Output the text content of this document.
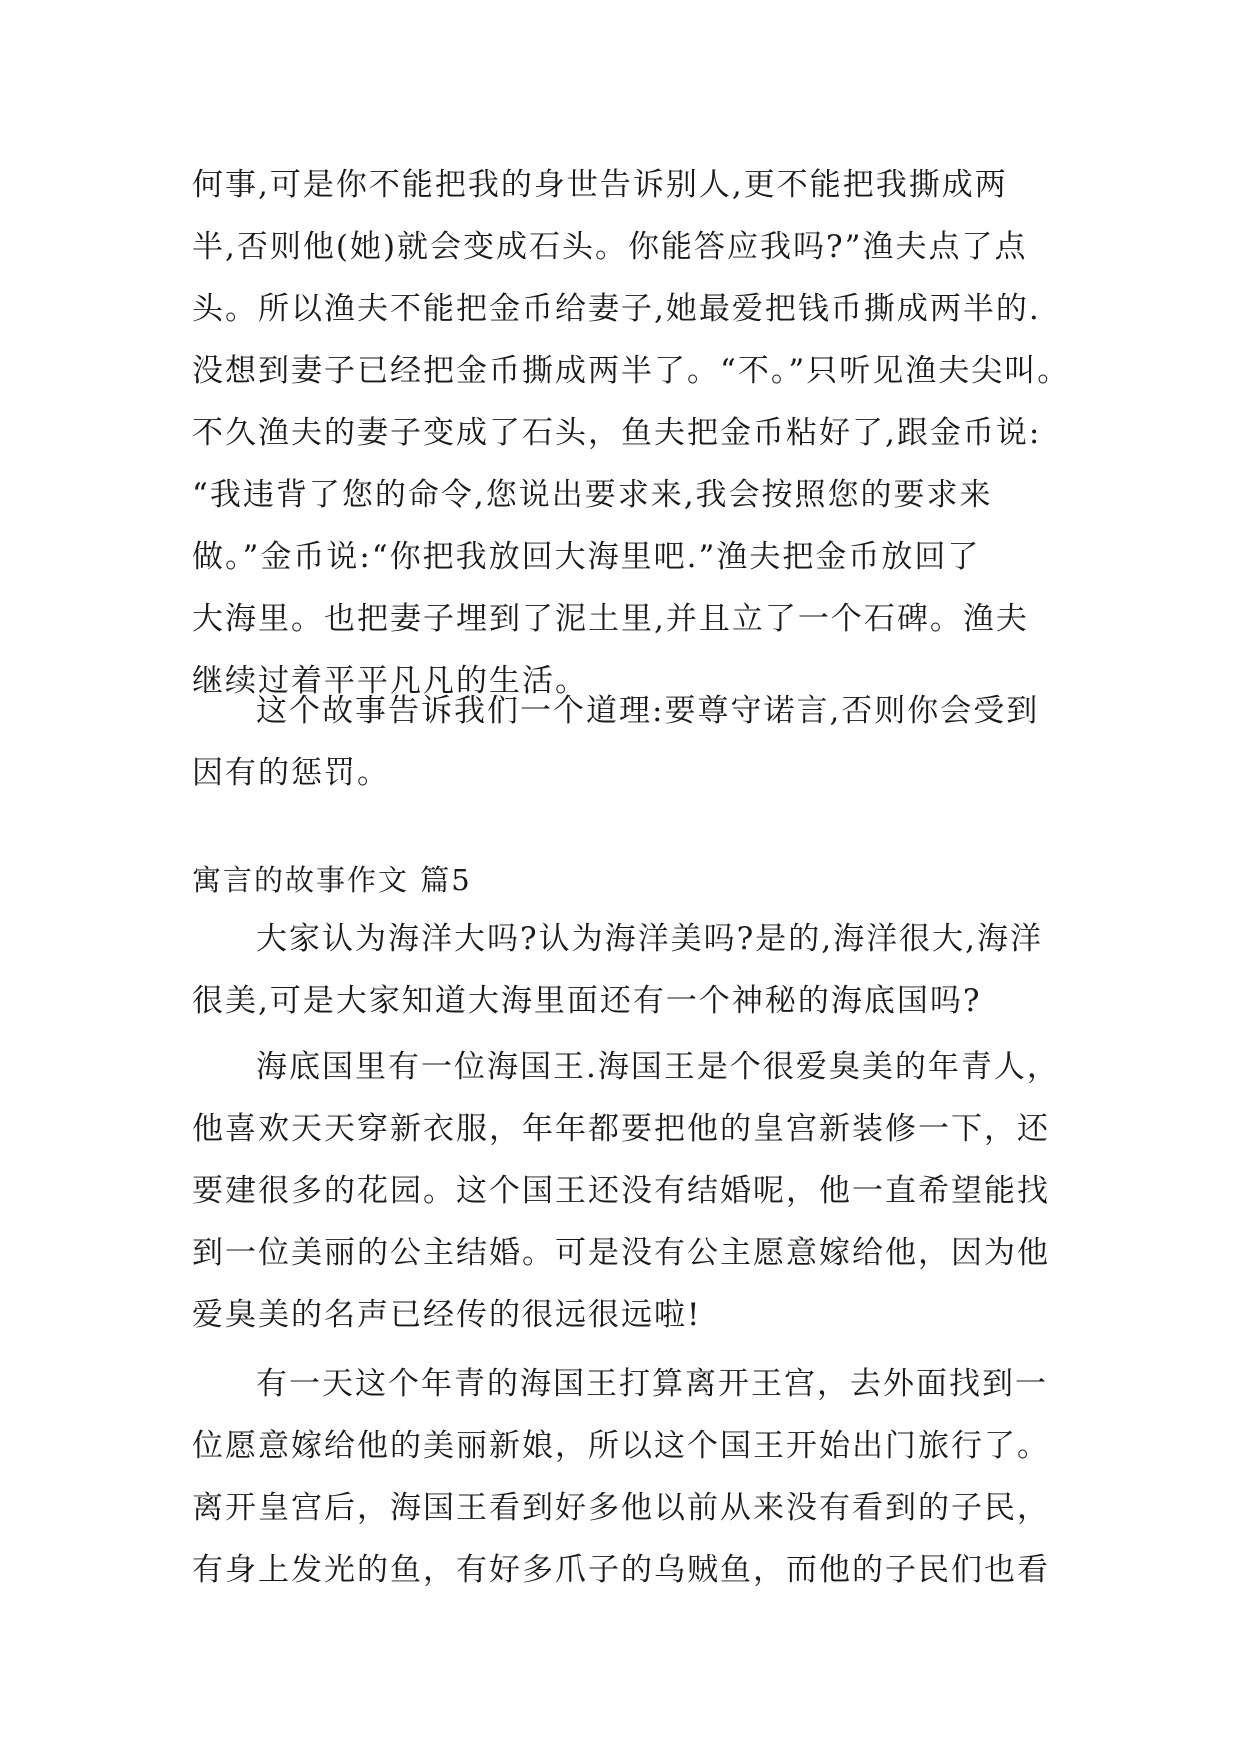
何事,可是你不能把我的身世告诉别人,更不能把我撕成两
半,否则他(她)就会变成石头。你能答应我吗?”渔夫点了点
头。所以渔夫不能把金币给妻子,她最爱把钱币撕成两半的.
没想到妻子已经把金币撕成两半了。“不。”只听见渔夫尖叫。
不久渔夫的妻子变成了石头，鱼夫把金币粘好了,跟金币说:
“我违背了您的命令,您说出要求来,我会按照您的要求来
做。”金币说:“你把我放回大海里吧.”渔夫把金币放回了
大海里。也把妻子埋到了泥土里,并且立了一个石碑。渔夫
继续过着平平凡凡的生活。
这个故事告诉我们一个道理:要尊守诺言,否则你会受到
因有的惩罚。
寓言的故事作文 篇5
大家认为海洋大吗?认为海洋美吗?是的,海洋很大,海洋
很美,可是大家知道大海里面还有一个神秘的海底国吗?
海底国里有一位海国王.海国王是个很爱臭美的年青人，
他喜欢天天穿新衣服，年年都要把他的皇宫新装修一下，还
要建很多的花园。这个国王还没有结婚呢，他一直希望能找
到一位美丽的公主结婚。可是没有公主愿意嫁给他，因为他
爱臭美的名声已经传的很远很远啦!
有一天这个年青的海国王打算离开王宫，去外面找到一
位愿意嫁给他的美丽新娘，所以这个国王开始出门旅行了。
离开皇宫后，海国王看到好多他以前从来没有看到的子民，
有身上发光的鱼，有好多爪子的乌贼鱼，而他的子民们也看
